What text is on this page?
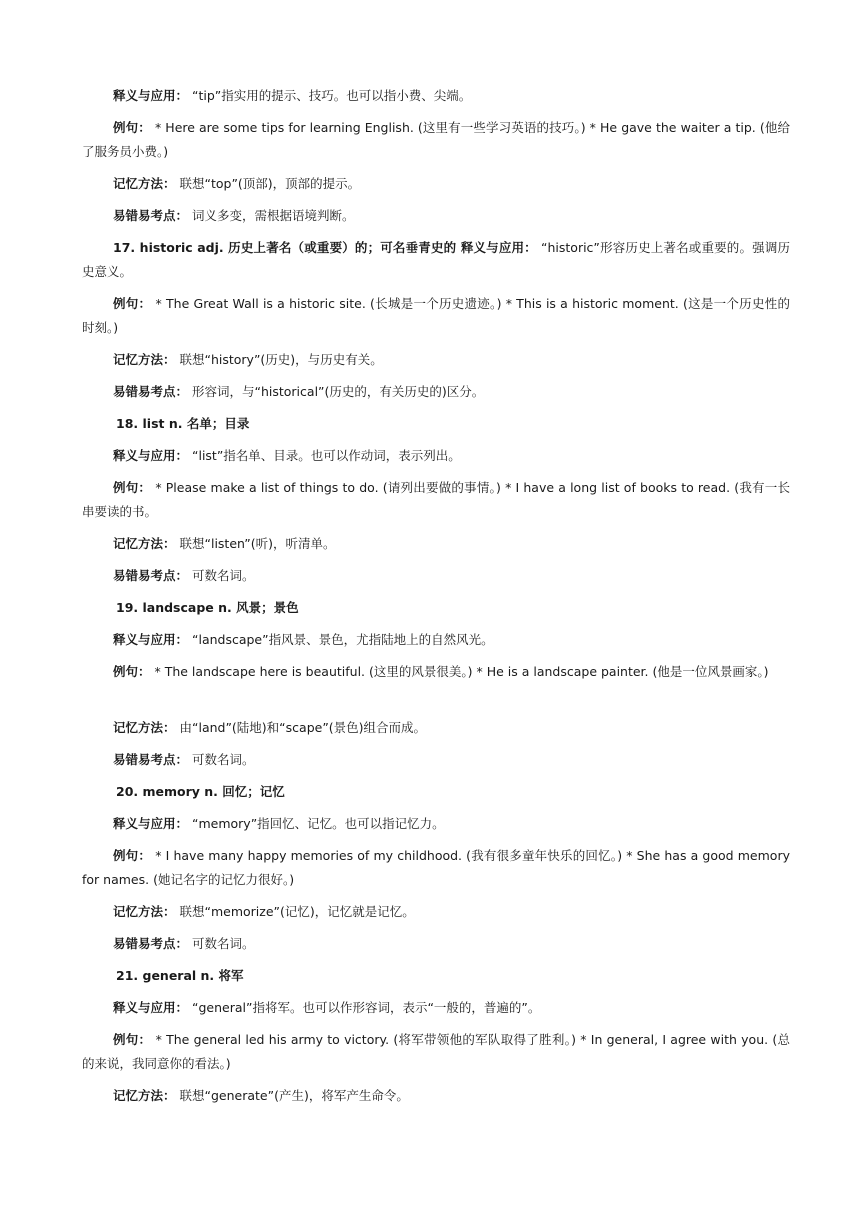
释义与应用： “tip”指实用的提示、技巧。也可以指小费、尖端。
例句： * Here are some tips for learning English. (这里有一些学习英语的技巧。) * He gave the waiter a tip. (他给了服务员小费。)
记忆方法： 联想“top”(顶部)，顶部的提示。
易错易考点： 词义多变，需根据语境判断。
17. historic adj. 历史上著名（或重要）的；可名垂青史的 释义与应用： “historic”形容历史上著名或重要的。强调历史意义。
例句： * The Great Wall is a historic site. (长城是一个历史遗迹。) * This is a historic moment. (这是一个历史性的时刻。)
记忆方法： 联想“history”(历史)，与历史有关。
易错易考点： 形容词，与“historical”(历史的，有关历史的)区分。
18. list n. 名单；目录
释义与应用： “list”指名单、目录。也可以作动词，表示列出。
例句： * Please make a list of things to do. (请列出要做的事情。) * I have a long list of books to read. (我有一长串要读的书。
记忆方法： 联想“listen”(听)，听清单。
易错易考点： 可数名词。
19. landscape n. 风景；景色
释义与应用： “landscape”指风景、景色，尤指陆地上的自然风光。
例句： * The landscape here is beautiful. (这里的风景很美。) * He is a landscape painter. (他是一位风景画家。)
记忆方法： 由“land”(陆地)和“scape”(景色)组合而成。
易错易考点： 可数名词。
20. memory n. 回忆；记忆
释义与应用： “memory”指回忆、记忆。也可以指记忆力。
例句： * I have many happy memories of my childhood. (我有很多童年快乐的回忆。) * She has a good memory for names. (她记名字的记忆力很好。)
记忆方法： 联想“memorize”(记忆)，记忆就是记忆。
易错易考点： 可数名词。
21. general n. 将军
释义与应用： “general”指将军。也可以作形容词，表示“一般的，普遍的”。
例句： * The general led his army to victory. (将军带领他的军队取得了胜利。) * In general, I agree with you. (总的来说，我同意你的看法。)
记忆方法： 联想“generate”(产生)，将军产生命令。
